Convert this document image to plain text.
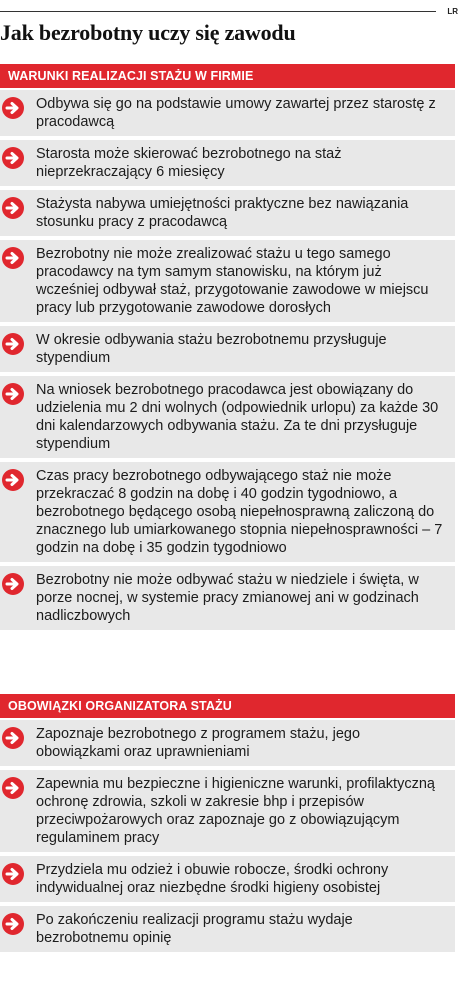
LR
Jak bezrobotny uczy się zawodu
WARUNKI REALIZACJI STAŻU W FIRMIE
Odbywa się go na podstawie umowy zawartej przez starostę z pracodawcą
Starosta może skierować bezrobotnego na staż nieprzekraczający 6 miesięcy
Stażysta nabywa umiejętności praktyczne bez nawiązania stosunku pracy z pracodawcą
Bezrobotny nie może zrealizować stażu u tego samego pracodawcy na tym samym stanowisku, na którym już wcześniej odbywał staż, przygotowanie zawodowe w miejscu pracy lub przygotowanie zawodowe dorosłych
W okresie odbywania stażu bezrobotnemu przysługuje stypendium
Na wniosek bezrobotnego pracodawca jest obowiązany do udzielenia mu 2 dni wolnych (odpowiednik urlopu) za każde 30 dni kalendarzowych odbywania stażu. Za te dni przysługuje stypendium
Czas pracy bezrobotnego odbywającego staż nie może przekraczać 8 godzin na dobę i 40 godzin tygodniowo, a bezrobotnego będącego osobą niepełnosprawną zaliczoną do znacznego lub umiarkowanego stopnia niepełnosprawności – 7 godzin na dobę i 35 godzin tygodniowo
Bezrobotny nie może odbywać stażu w niedziele i święta, w porze nocnej, w systemie pracy zmianowej ani w godzinach nadliczbowych
OBOWIĄZKI ORGANIZATORA STAŻU
Zapoznaje bezrobotnego z programem stażu, jego obowiązkami oraz uprawnieniami
Zapewnia mu bezpieczne i higieniczne warunki, profilaktyczną ochronę zdrowia, szkoli w zakresie bhp i przepisów przeciwpożarowych oraz zapoznaje go z obowiązującym regulaminem pracy
Przydziela mu odzież i obuwie robocze, środki ochrony indywidualnej oraz niezbędne środki higieny osobistej
Po zakończeniu realizacji programu stażu wydaje bezrobotnemu opinię
